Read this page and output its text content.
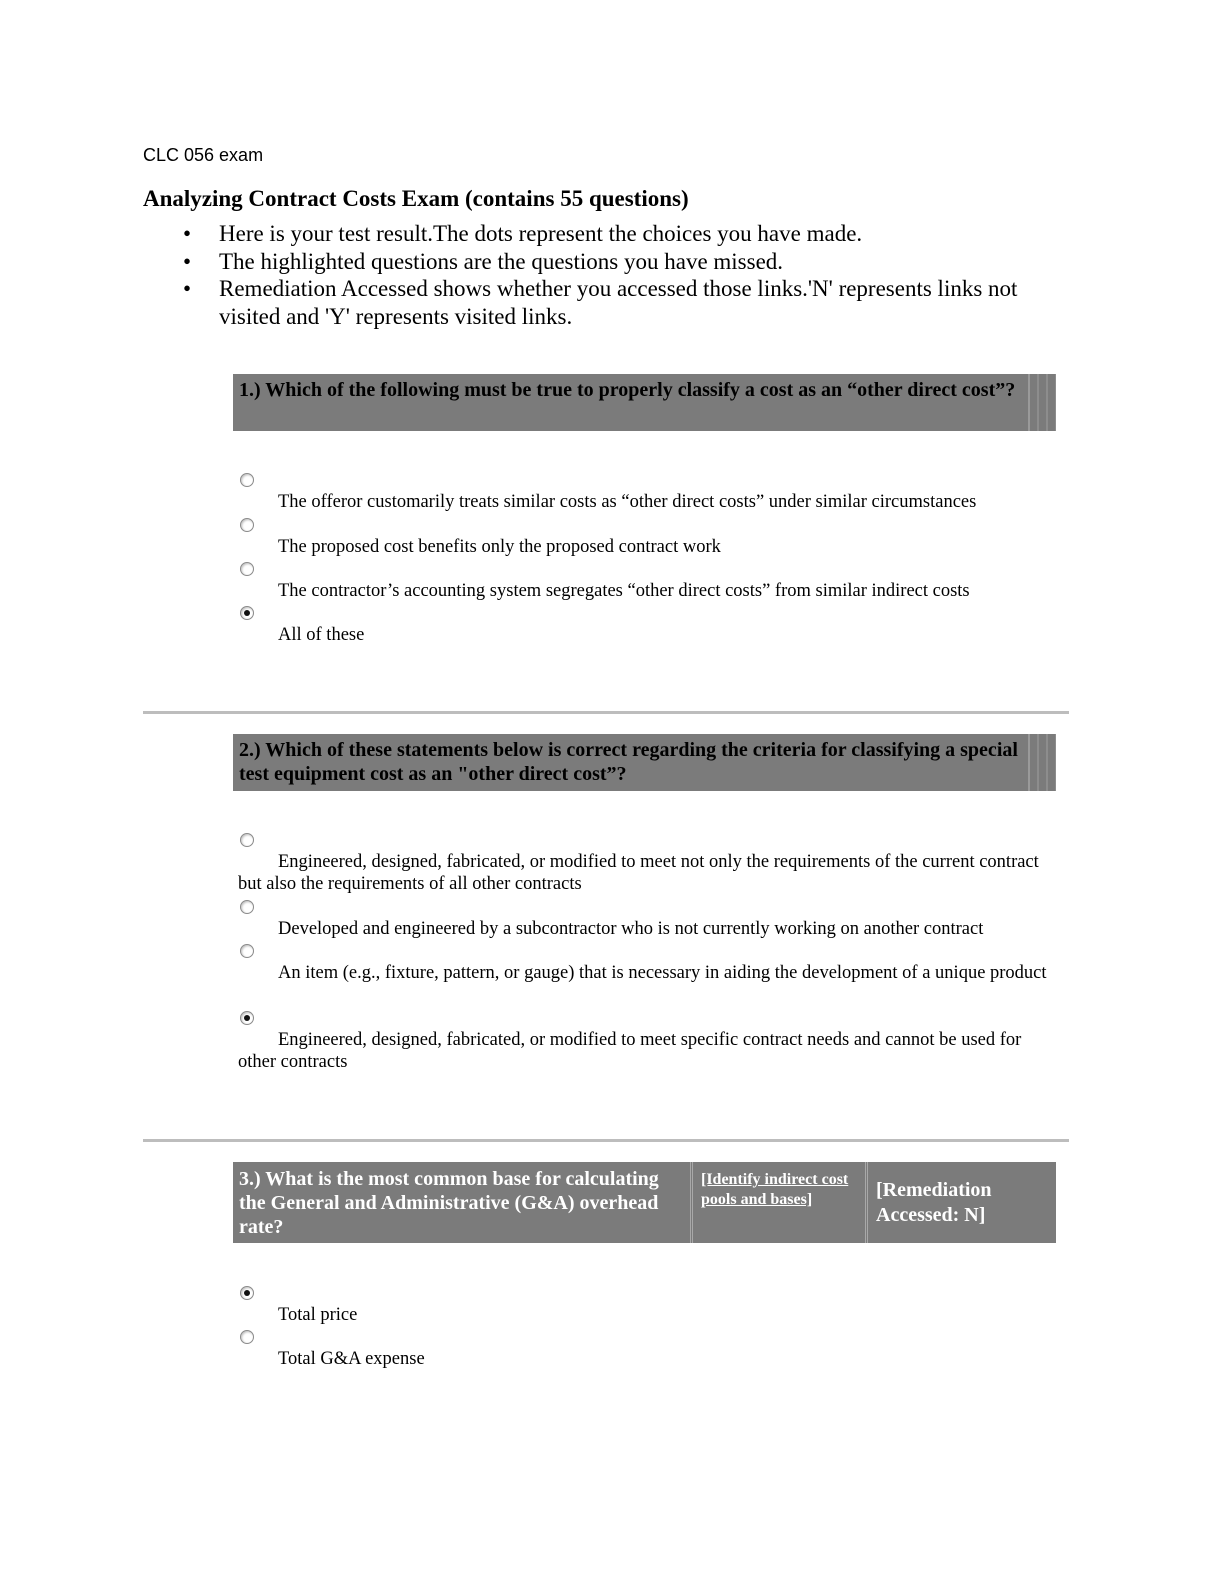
CLC 056 exam
Analyzing Contract Costs Exam (contains 55 questions)
• Here is your test result.The dots represent the choices you have made.
• The highlighted questions are the questions you have missed.
• Remediation Accessed shows whether you accessed those links.'N' represents links not visited and 'Y' represents visited links.
1.) Which of the following must be true to properly classify a cost as an “other direct cost”?
The offeror customarily treats similar costs as “other direct costs” under similar circumstances
The proposed cost benefits only the proposed contract work
The contractor’s accounting system segregates “other direct costs” from similar indirect costs
All of these
2.) Which of these statements below is correct regarding the criteria for classifying a special test equipment cost as an "other direct cost”?
Engineered, designed, fabricated, or modified to meet not only the requirements of the current contract but also the requirements of all other contracts
Developed and engineered by a subcontractor who is not currently working on another contract
An item (e.g., fixture, pattern, or gauge) that is necessary in aiding the development of a unique product
Engineered, designed, fabricated, or modified to meet specific contract needs and cannot be used for other contracts
3.) What is the most common base for calculating the General and Administrative (G&A) overhead rate?
[Identify indirect cost pools and bases]	[Remediation Accessed: N]
Total price
Total G&A expense
